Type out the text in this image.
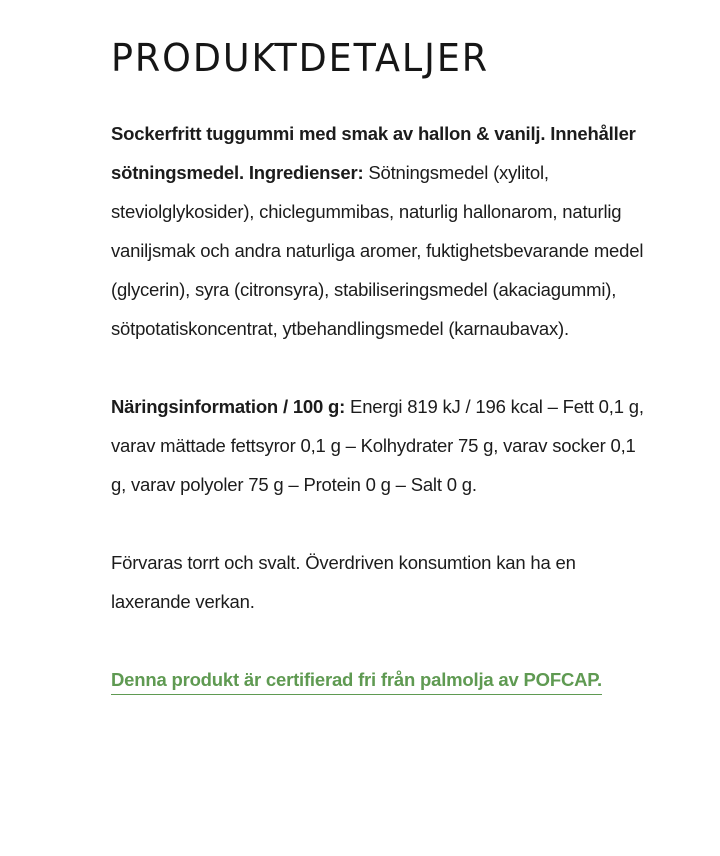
PRODUKTDETALJER

Sockerfritt tuggummi med smak av hallon & vanilj. Innehåller sötningsmedel. Ingredienser: Sötningsmedel (xylitol, steviolglykosider), chiclegummibas, naturlig hallonarom, naturlig vaniljsmak och andra naturliga aromer, fuktighetsbevarande medel (glycerin), syra (citronsyra), stabiliseringsmedel (akaciagummi), sötpotatiskoncentrat, ytbehandlingsmedel (karnaubavax).

Näringsinformation / 100 g: Energi 819 kJ / 196 kcal – Fett 0,1 g, varav mättade fettsyror 0,1 g – Kolhydrater 75 g, varav socker 0,1 g, varav polyoler 75 g – Protein 0 g – Salt 0 g.

Förvaras torrt och svalt. Överdriven konsumtion kan ha en laxerande verkan.

Denna produkt är certifierad fri från palmolja av POFCAP.
